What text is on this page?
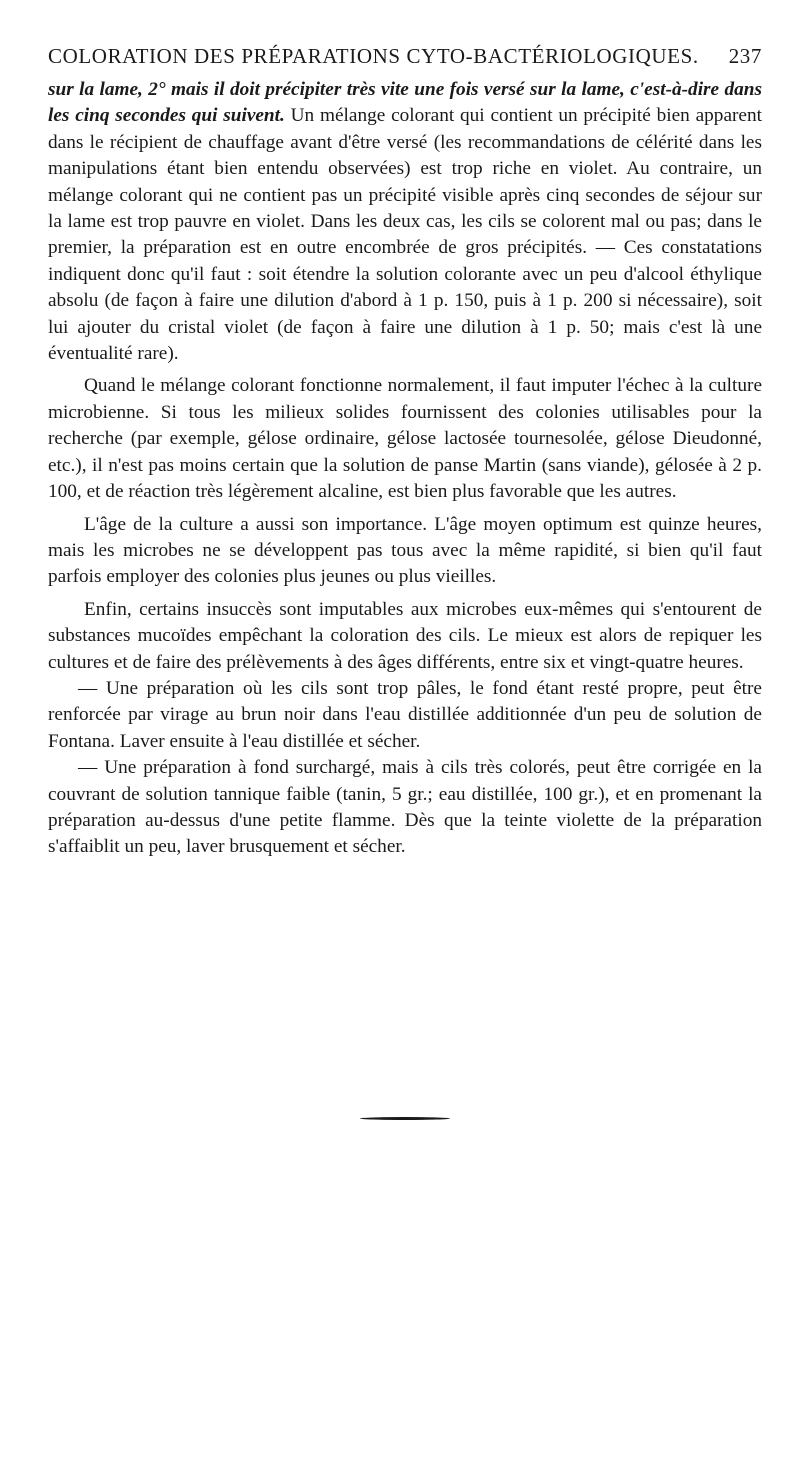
COLORATION DES PRÉPARATIONS CYTO-BACTÉRIOLOGIQUES. 237

sur la lame, 2° mais il doit précipiter très vite une fois versé sur la lame, c'est-à-dire dans les cinq secondes qui suivent. Un mélange colorant qui contient un précipité bien apparent dans le récipient de chauffage avant d'être versé (les recommandations de célérité dans les manipulations étant bien entendu observées) est trop riche en violet. Au contraire, un mélange colorant qui ne contient pas un précipité visible après cinq secondes de séjour sur la lame est trop pauvre en violet. Dans les deux cas, les cils se colorent mal ou pas; dans le premier, la préparation est en outre encombrée de gros précipités. — Ces constatations indiquent donc qu'il faut : soit étendre la solution colorante avec un peu d'alcool éthylique absolu (de façon à faire une dilution d'abord à 1 p. 150, puis à 1 p. 200 si nécessaire), soit lui ajouter du cristal violet (de façon à faire une dilution à 1 p. 50; mais c'est là une éventualité rare).

Quand le mélange colorant fonctionne normalement, il faut imputer l'échec à la culture microbienne. Si tous les milieux solides fournissent des colonies utilisables pour la recherche (par exemple, gélose ordinaire, gélose lactosée tournesolée, gélose Dieudonné, etc.), il n'est pas moins certain que la solution de panse Martin (sans viande), gélosée à 2 p. 100, et de réaction très légèrement alcaline, est bien plus favorable que les autres.

L'âge de la culture a aussi son importance. L'âge moyen optimum est quinze heures, mais les microbes ne se développent pas tous avec la même rapidité, si bien qu'il faut parfois employer des colonies plus jeunes ou plus vieilles.

Enfin, certains insuccès sont imputables aux microbes eux-mêmes qui s'entourent de substances mucoïdes empêchant la coloration des cils. Le mieux est alors de repiquer les cultures et de faire des prélèvements à des âges différents, entre six et vingt-quatre heures.

— Une préparation où les cils sont trop pâles, le fond étant resté propre, peut être renforcée par virage au brun noir dans l'eau distillée additionnée d'un peu de solution de Fontana. Laver ensuite à l'eau distillée et sécher.

— Une préparation à fond surchargé, mais à cils très colorés, peut être corrigée en la couvrant de solution tannique faible (tanin, 5 gr.; eau distillée, 100 gr.), et en promenant la préparation au-dessus d'une petite flamme. Dès que la teinte violette de la préparation s'affaiblit un peu, laver brusquement et sécher.
